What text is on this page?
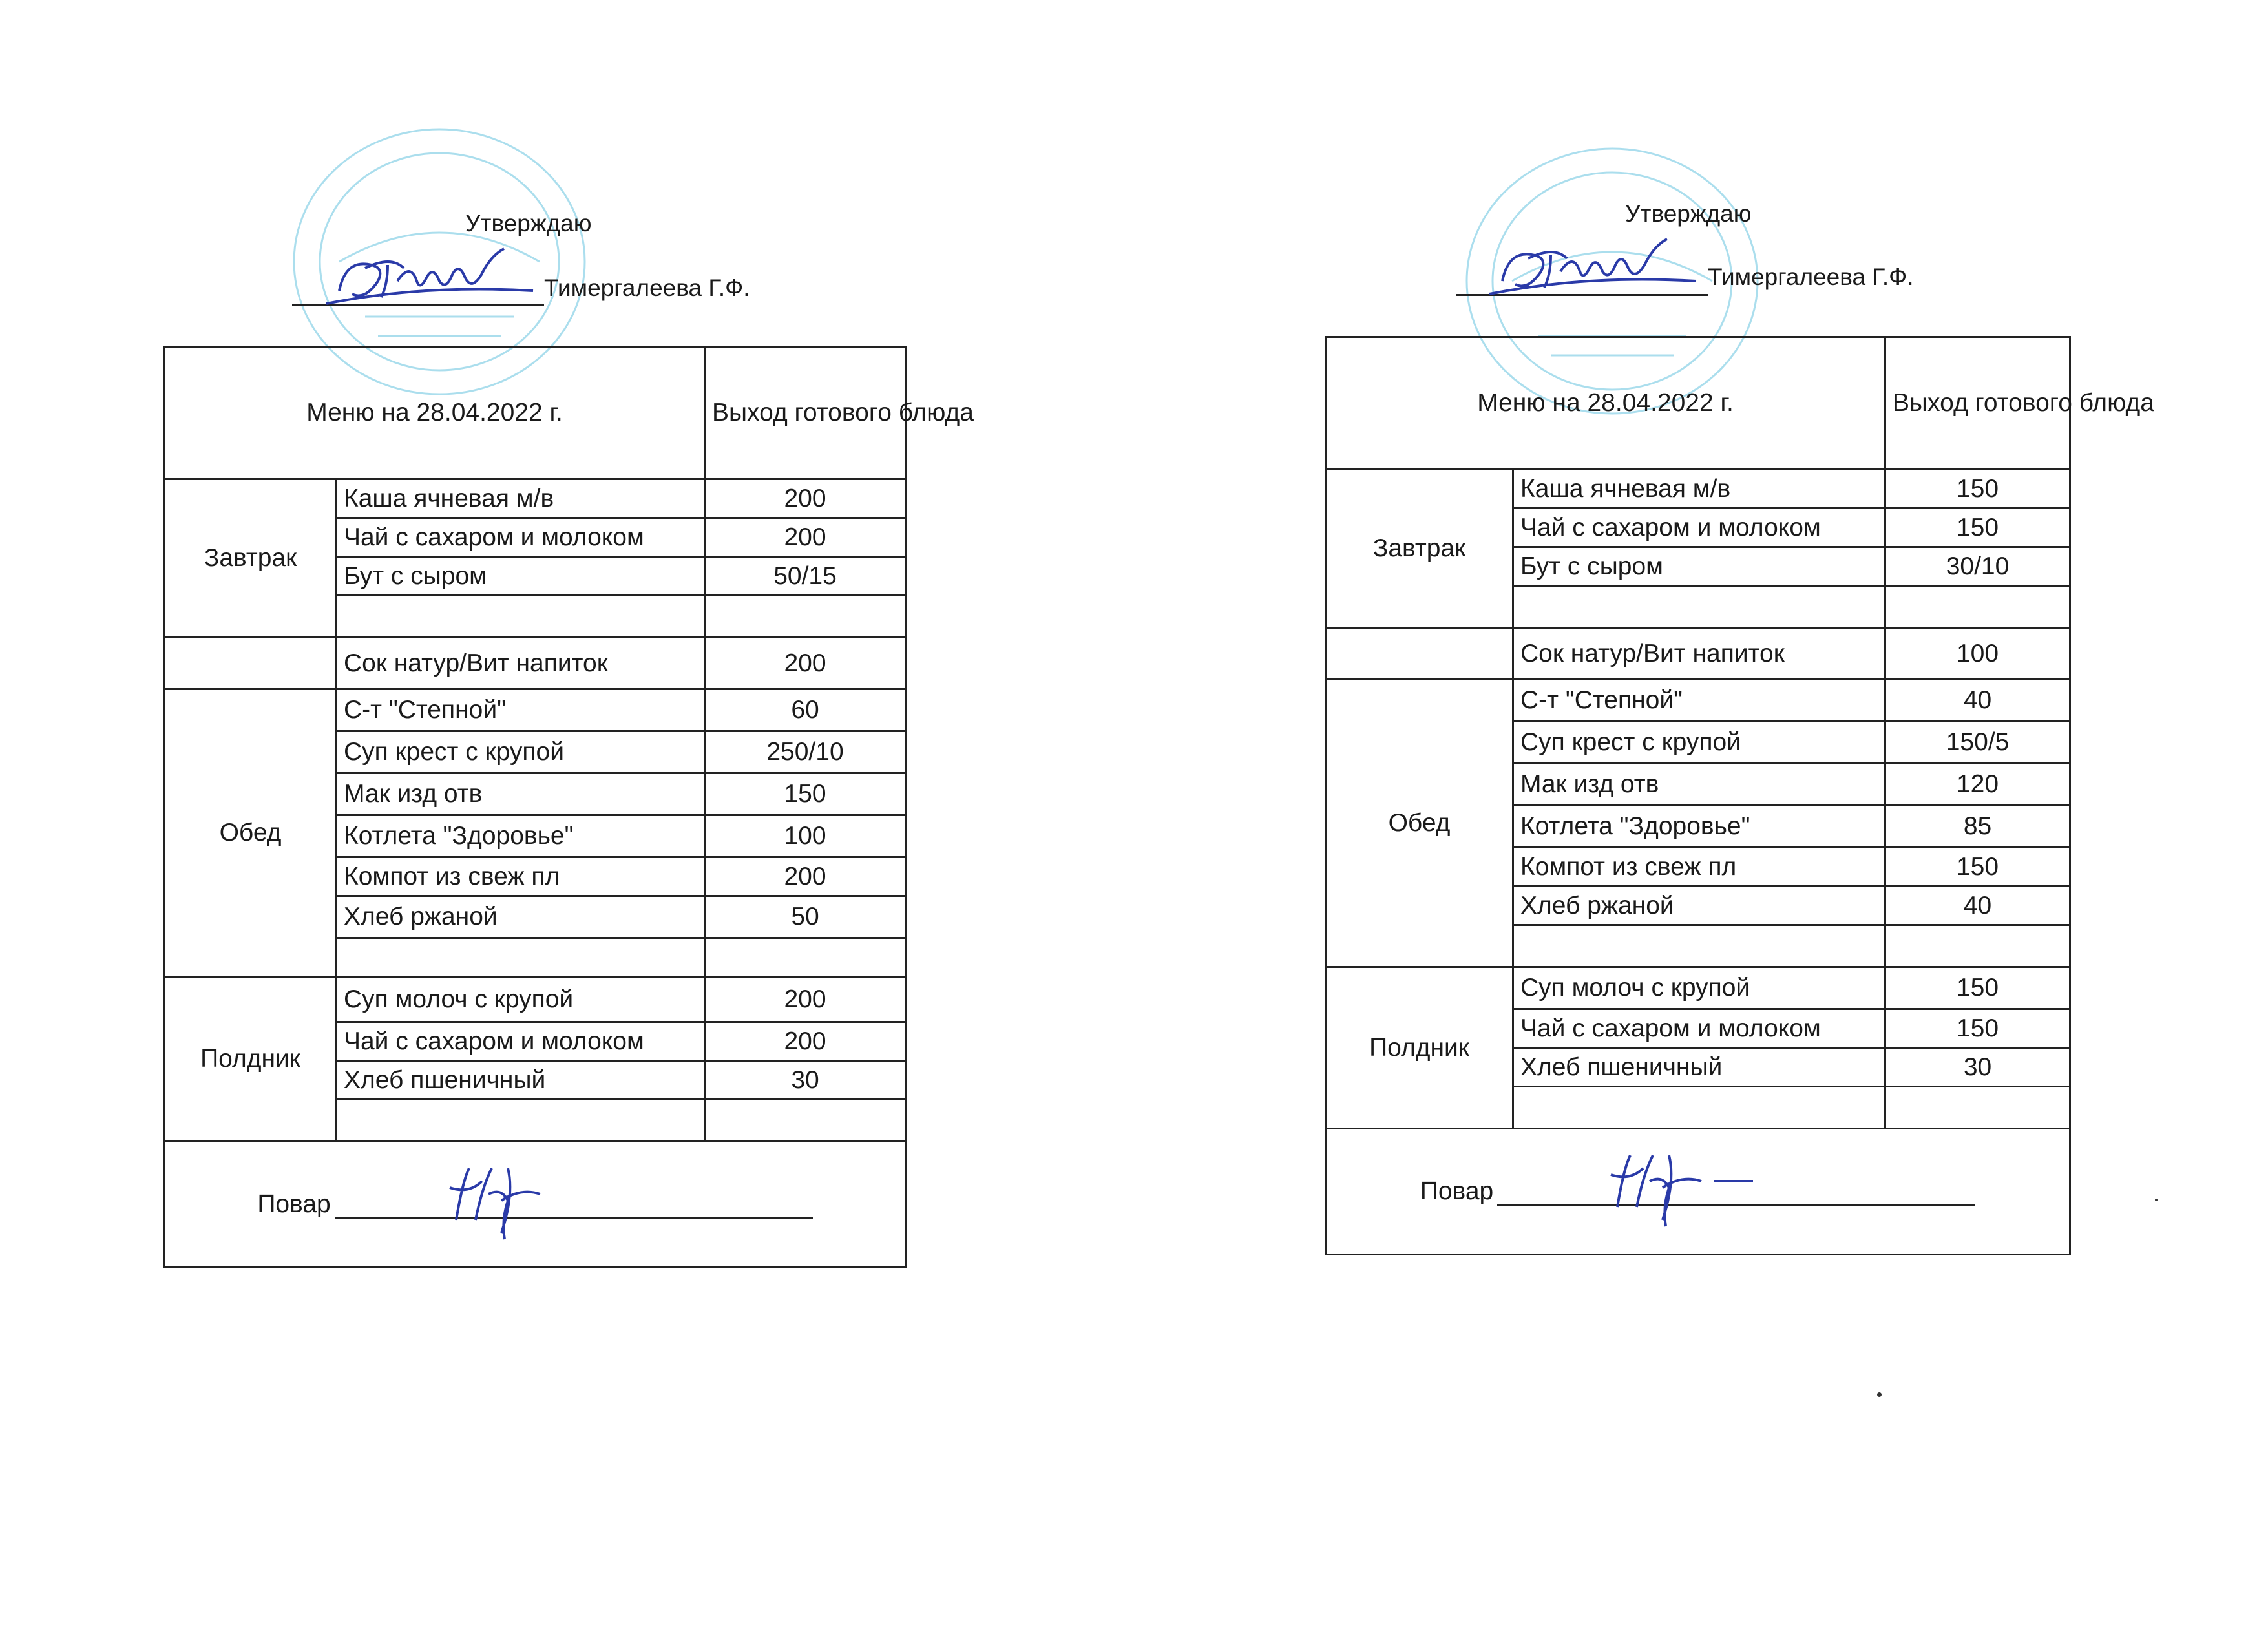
Утверждаю
Тимергалеева Г.Ф.
Меню на 28.04.2022 г.		Выход готового блюда
Завтрак	Каша ячневая м/в	200
	Чай с сахаром и молоком	200
	Бут с сыром	50/15

	Сок натур/Вит напиток	200
Обед	С-т "Степной"	60
	Суп крест с крупой	250/10
	Мак изд отв	150
	Котлета "Здоровье"	100
	Компот из свеж пл	200
	Хлеб ржаной	50

Полдник	Суп молоч с крупой	200
	Чай с сахаром и молоком	200
	Хлеб пшеничный	30

Повар		
Утверждаю
Тимергалеева Г.Ф.
Меню на 28.04.2022 г.		Выход готового блюда
Завтрак	Каша ячневая м/в	150
	Чай с сахаром и молоком	150
	Бут с сыром	30/10

	Сок натур/Вит напиток	100
Обед	С-т "Степной"	40
	Суп крест с крупой	150/5
	Мак изд отв	120
	Котлета "Здоровье"	85
	Компот из свеж пл	150
	Хлеб ржаной	40

Полдник	Суп молоч с крупой	150
	Чай с сахаром и молоком	150
	Хлеб пшеничный	30

Повар		
